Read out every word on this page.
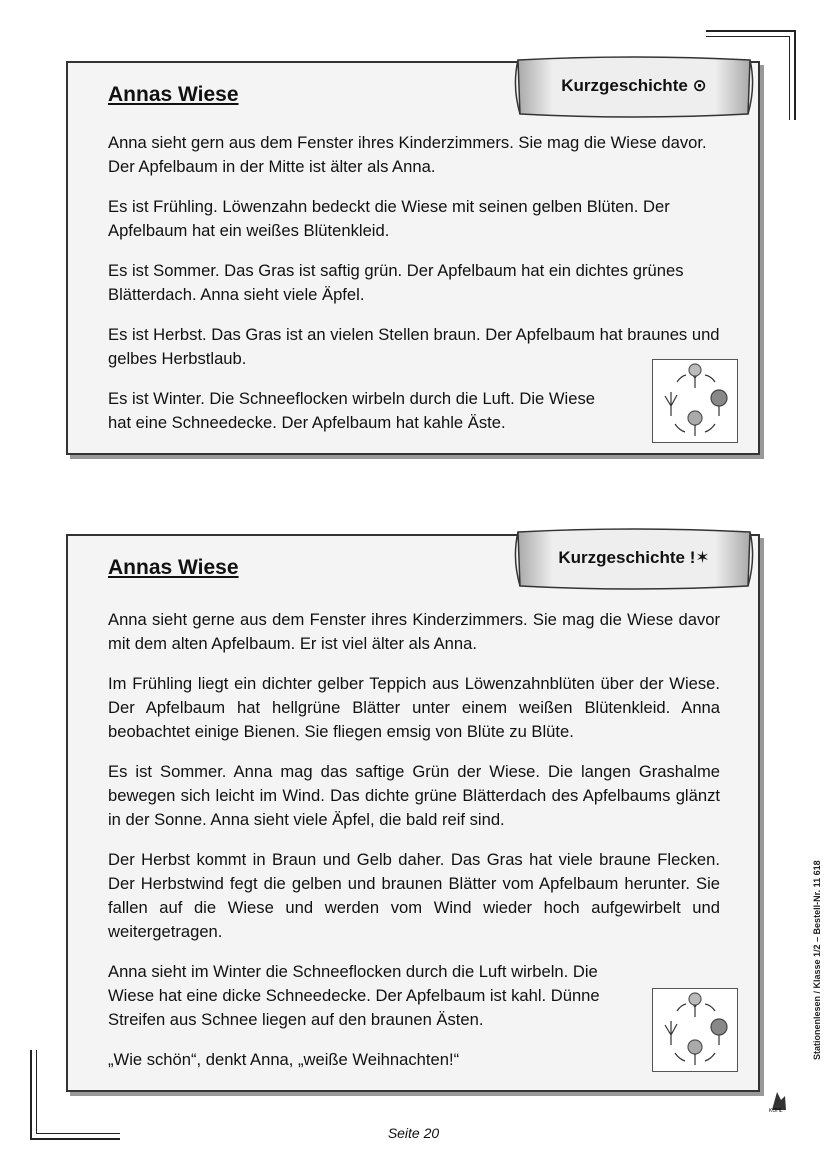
Annas Wiese

Anna sieht gern aus dem Fenster ihres Kinderzimmers. Sie mag die Wiese davor. Der Apfelbaum in der Mitte ist älter als Anna.

Es ist Frühling. Löwenzahn bedeckt die Wiese mit seinen gelben Blüten. Der Apfelbaum hat ein weißes Blütenkleid.

Es ist Sommer. Das Gras ist saftig grün. Der Apfelbaum hat ein dichtes grünes Blätterdach. Anna sieht viele Äpfel.

Es ist Herbst. Das Gras ist an vielen Stellen braun. Der Apfelbaum hat braunes und gelbes Herbstlaub.

Es ist Winter. Die Schneeflocken wirbeln durch die Luft. Die Wiese hat eine Schneedecke. Der Apfelbaum hat kahle Äste.

Kurzgeschichte ⊙
Annas Wiese

Anna sieht gerne aus dem Fenster ihres Kinderzimmers. Sie mag die Wiese davor mit dem alten Apfelbaum. Er ist viel älter als Anna.

Im Frühling liegt ein dichter gelber Teppich aus Löwenzahnblüten über der Wiese. Der Apfelbaum hat hellgrüne Blätter unter einem weißen Blütenkleid. Anna beobachtet einige Bienen. Sie fliegen emsig von Blüte zu Blüte.

Es ist Sommer. Anna mag das saftige Grün der Wiese. Die langen Grashalme bewegen sich leicht im Wind. Das dichte grüne Blätterdach des Apfelbaums glänzt in der Sonne. Anna sieht viele Äpfel, die bald reif sind.

Der Herbst kommt in Braun und Gelb daher. Das Gras hat viele braune Flecken. Der Herbstwind fegt die gelben und braunen Blätter vom Apfelbaum herunter. Sie fallen auf die Wiese und werden vom Wind wieder hoch aufgewirbelt und weitergetragen.

Anna sieht im Winter die Schneeflocken durch die Luft wirbeln. Die Wiese hat eine dicke Schneedecke. Der Apfelbaum ist kahl. Dünne Streifen aus Schnee liegen auf den braunen Ästen.

„Wie schön“, denkt Anna, „weiße Weihnachten!“

Kurzgeschichte !✶
Stationenlesen / Klasse 1/2 – Bestell-Nr. 11 618
KOHL
Seite 20
